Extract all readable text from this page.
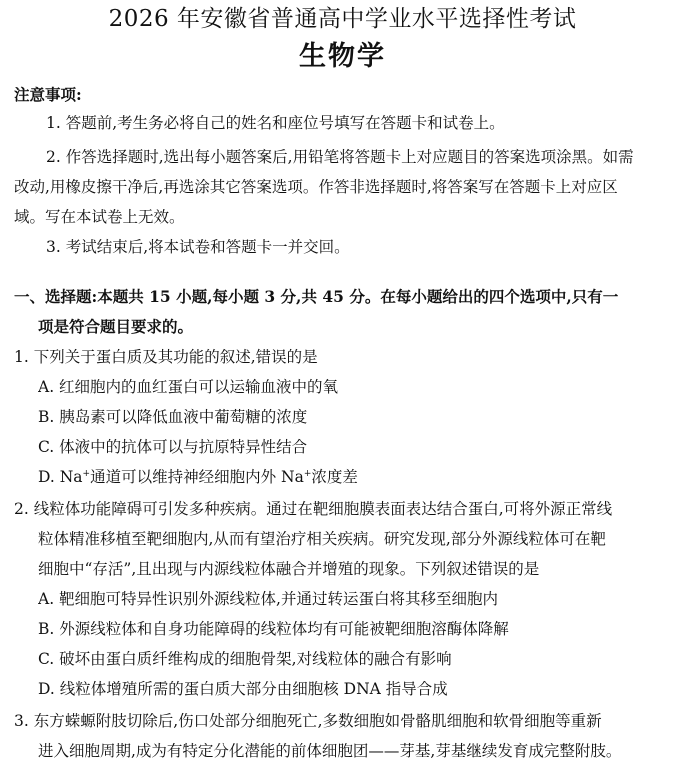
2026 年安徽省普通高中学业水平选择性考试
生物学
注意事项:
1. 答题前,考生务必将自己的姓名和座位号填写在答题卡和试卷上。
2. 作答选择题时,选出每小题答案后,用铅笔将答题卡上对应题目的答案选项涂黑。如需
改动,用橡皮擦干净后,再选涂其它答案选项。作答非选择题时,将答案写在答题卡上对应区
域。写在本试卷上无效。
3. 考试结束后,将本试卷和答题卡一并交回。
一、选择题:本题共 15 小题,每小题 3 分,共 45 分。在每小题给出的四个选项中,只有一
项是符合题目要求的。
1. 下列关于蛋白质及其功能的叙述,错误的是
A. 红细胞内的血红蛋白可以运输血液中的氧
B. 胰岛素可以降低血液中葡萄糖的浓度
C. 体液中的抗体可以与抗原特异性结合
D. Na+通道可以维持神经细胞内外 Na+浓度差
2. 线粒体功能障碍可引发多种疾病。通过在靶细胞膜表面表达结合蛋白,可将外源正常线
粒体精准移植至靶细胞内,从而有望治疗相关疾病。研究发现,部分外源线粒体可在靶
细胞中“存活”,且出现与内源线粒体融合并增殖的现象。下列叙述错误的是
A. 靶细胞可特异性识别外源线粒体,并通过转运蛋白将其移至细胞内
B. 外源线粒体和自身功能障碍的线粒体均有可能被靶细胞溶酶体降解
C. 破坏由蛋白质纤维构成的细胞骨架,对线粒体的融合有影响
D. 线粒体增殖所需的蛋白质大部分由细胞核 DNA 指导合成
3. 东方蝾螈附肢切除后,伤口处部分细胞死亡,多数细胞如骨骼肌细胞和软骨细胞等重新
进入细胞周期,成为有特定分化潜能的前体细胞团——芽基,芽基继续发育成完整附肢。
